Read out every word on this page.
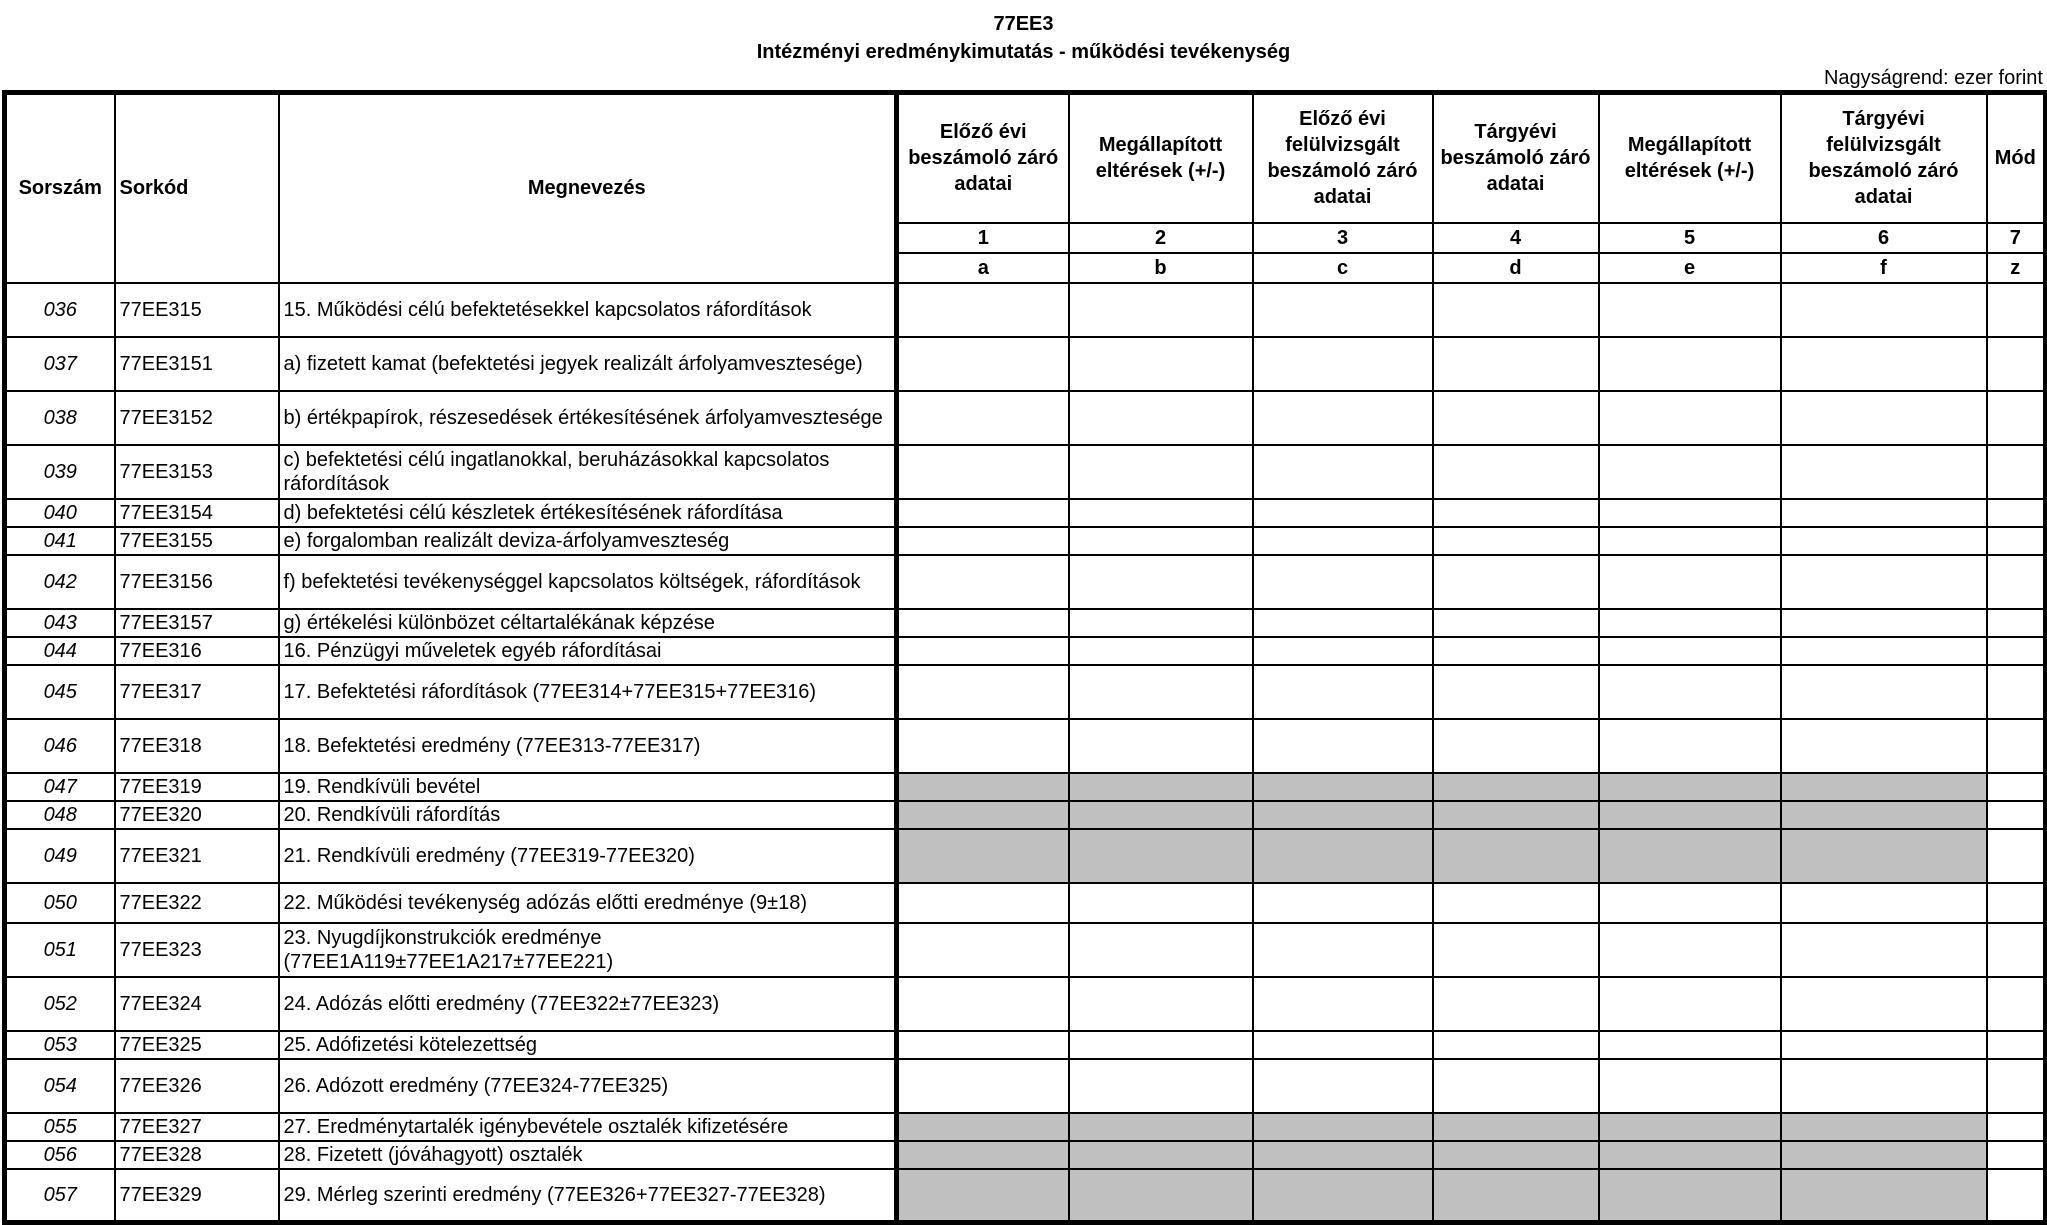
77EE3
Intézményi eredménykimutatás - működési tevékenység
Nagyságrend: ezer forint
Sorszám	Sorkód	Megnevezés	Előző évi beszámoló záró adatai	Megállapított eltérések (+/-)	Előző évi felülvizsgált beszámoló záró adatai	Tárgyévi beszámoló záró adatai	Megállapított eltérések (+/-)	Tárgyévi felülvizsgált beszámoló záró adatai	Mód
			1	2	3	4	5	6	7
			a	b	c	d	e	f	z
036	77EE315	15. Működési célú befektetésekkel kapcsolatos ráfordítások							
037	77EE3151	a) fizetett kamat (befektetési jegyek realizált árfolyamvesztesége)							
038	77EE3152	b) értékpapírok, részesedések értékesítésének árfolyamvesztesége							
039	77EE3153	c) befektetési célú ingatlanokkal, beruházásokkal kapcsolatos ráfordítások							
040	77EE3154	d) befektetési célú készletek értékesítésének ráfordítása							
041	77EE3155	e) forgalomban realizált deviza-árfolyamveszteség							
042	77EE3156	f) befektetési tevékenységgel kapcsolatos költségek, ráfordítások							
043	77EE3157	g) értékelési különbözet céltartalékának képzése							
044	77EE316	16. Pénzügyi műveletek egyéb ráfordításai							
045	77EE317	17. Befektetési ráfordítások (77EE314+77EE315+77EE316)							
046	77EE318	18. Befektetési eredmény (77EE313-77EE317)							
047	77EE319	19. Rendkívüli bevétel							
048	77EE320	20. Rendkívüli ráfordítás							
049	77EE321	21. Rendkívüli eredmény (77EE319-77EE320)							
050	77EE322	22. Működési tevékenység adózás előtti eredménye (9±18)							
051	77EE323	23. Nyugdíjkonstrukciók eredménye (77EE1A119±77EE1A217±77EE221)							
052	77EE324	24. Adózás előtti eredmény (77EE322±77EE323)							
053	77EE325	25. Adófizetési kötelezettség							
054	77EE326	26. Adózott eredmény (77EE324-77EE325)							
055	77EE327	27. Eredménytartalék igénybevétele osztalék kifizetésére							
056	77EE328	28. Fizetett (jóváhagyott) osztalék							
057	77EE329	29. Mérleg szerinti eredmény (77EE326+77EE327-77EE328)							
